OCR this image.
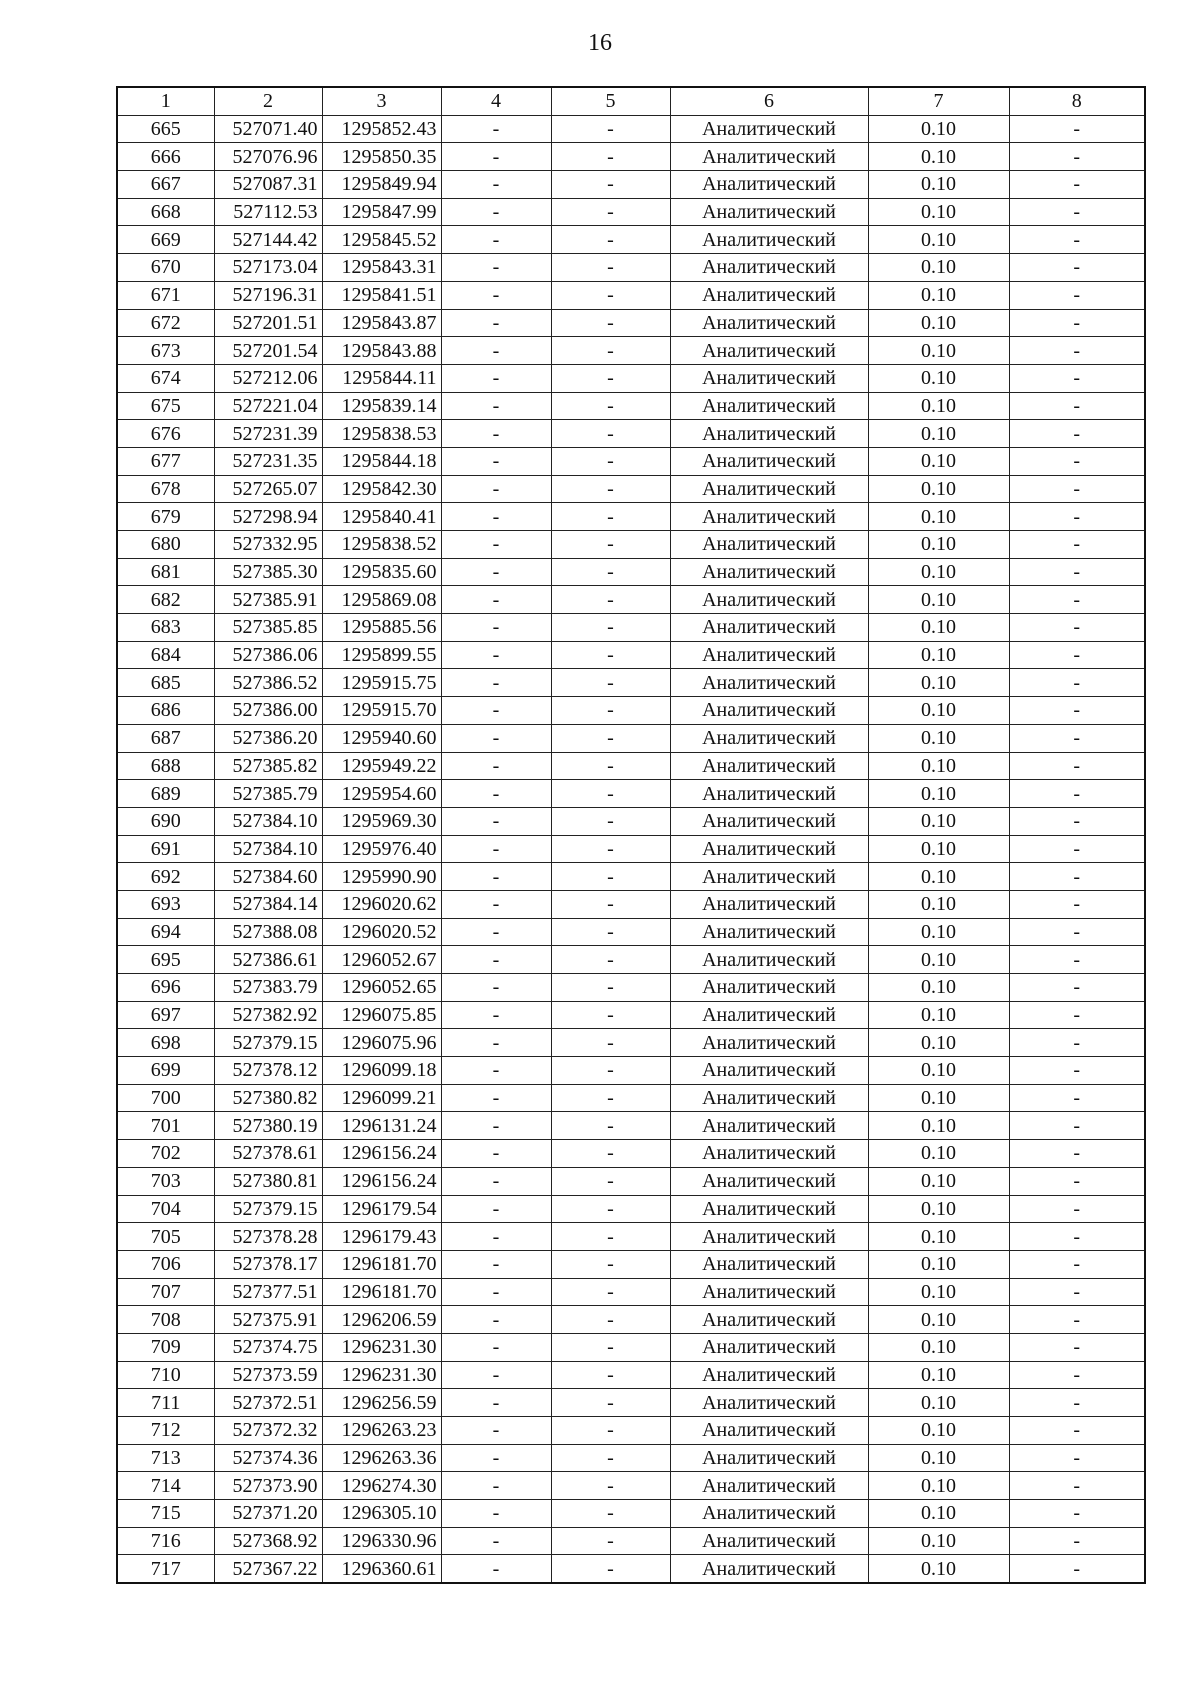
16
1	2	3	4	5	6	7	8
665	527071.40	1295852.43	-	-	Аналитический	0.10	-
666	527076.96	1295850.35	-	-	Аналитический	0.10	-
667	527087.31	1295849.94	-	-	Аналитический	0.10	-
668	527112.53	1295847.99	-	-	Аналитический	0.10	-
669	527144.42	1295845.52	-	-	Аналитический	0.10	-
670	527173.04	1295843.31	-	-	Аналитический	0.10	-
671	527196.31	1295841.51	-	-	Аналитический	0.10	-
672	527201.51	1295843.87	-	-	Аналитический	0.10	-
673	527201.54	1295843.88	-	-	Аналитический	0.10	-
674	527212.06	1295844.11	-	-	Аналитический	0.10	-
675	527221.04	1295839.14	-	-	Аналитический	0.10	-
676	527231.39	1295838.53	-	-	Аналитический	0.10	-
677	527231.35	1295844.18	-	-	Аналитический	0.10	-
678	527265.07	1295842.30	-	-	Аналитический	0.10	-
679	527298.94	1295840.41	-	-	Аналитический	0.10	-
680	527332.95	1295838.52	-	-	Аналитический	0.10	-
681	527385.30	1295835.60	-	-	Аналитический	0.10	-
682	527385.91	1295869.08	-	-	Аналитический	0.10	-
683	527385.85	1295885.56	-	-	Аналитический	0.10	-
684	527386.06	1295899.55	-	-	Аналитический	0.10	-
685	527386.52	1295915.75	-	-	Аналитический	0.10	-
686	527386.00	1295915.70	-	-	Аналитический	0.10	-
687	527386.20	1295940.60	-	-	Аналитический	0.10	-
688	527385.82	1295949.22	-	-	Аналитический	0.10	-
689	527385.79	1295954.60	-	-	Аналитический	0.10	-
690	527384.10	1295969.30	-	-	Аналитический	0.10	-
691	527384.10	1295976.40	-	-	Аналитический	0.10	-
692	527384.60	1295990.90	-	-	Аналитический	0.10	-
693	527384.14	1296020.62	-	-	Аналитический	0.10	-
694	527388.08	1296020.52	-	-	Аналитический	0.10	-
695	527386.61	1296052.67	-	-	Аналитический	0.10	-
696	527383.79	1296052.65	-	-	Аналитический	0.10	-
697	527382.92	1296075.85	-	-	Аналитический	0.10	-
698	527379.15	1296075.96	-	-	Аналитический	0.10	-
699	527378.12	1296099.18	-	-	Аналитический	0.10	-
700	527380.82	1296099.21	-	-	Аналитический	0.10	-
701	527380.19	1296131.24	-	-	Аналитический	0.10	-
702	527378.61	1296156.24	-	-	Аналитический	0.10	-
703	527380.81	1296156.24	-	-	Аналитический	0.10	-
704	527379.15	1296179.54	-	-	Аналитический	0.10	-
705	527378.28	1296179.43	-	-	Аналитический	0.10	-
706	527378.17	1296181.70	-	-	Аналитический	0.10	-
707	527377.51	1296181.70	-	-	Аналитический	0.10	-
708	527375.91	1296206.59	-	-	Аналитический	0.10	-
709	527374.75	1296231.30	-	-	Аналитический	0.10	-
710	527373.59	1296231.30	-	-	Аналитический	0.10	-
711	527372.51	1296256.59	-	-	Аналитический	0.10	-
712	527372.32	1296263.23	-	-	Аналитический	0.10	-
713	527374.36	1296263.36	-	-	Аналитический	0.10	-
714	527373.90	1296274.30	-	-	Аналитический	0.10	-
715	527371.20	1296305.10	-	-	Аналитический	0.10	-
716	527368.92	1296330.96	-	-	Аналитический	0.10	-
717	527367.22	1296360.61	-	-	Аналитический	0.10	-
